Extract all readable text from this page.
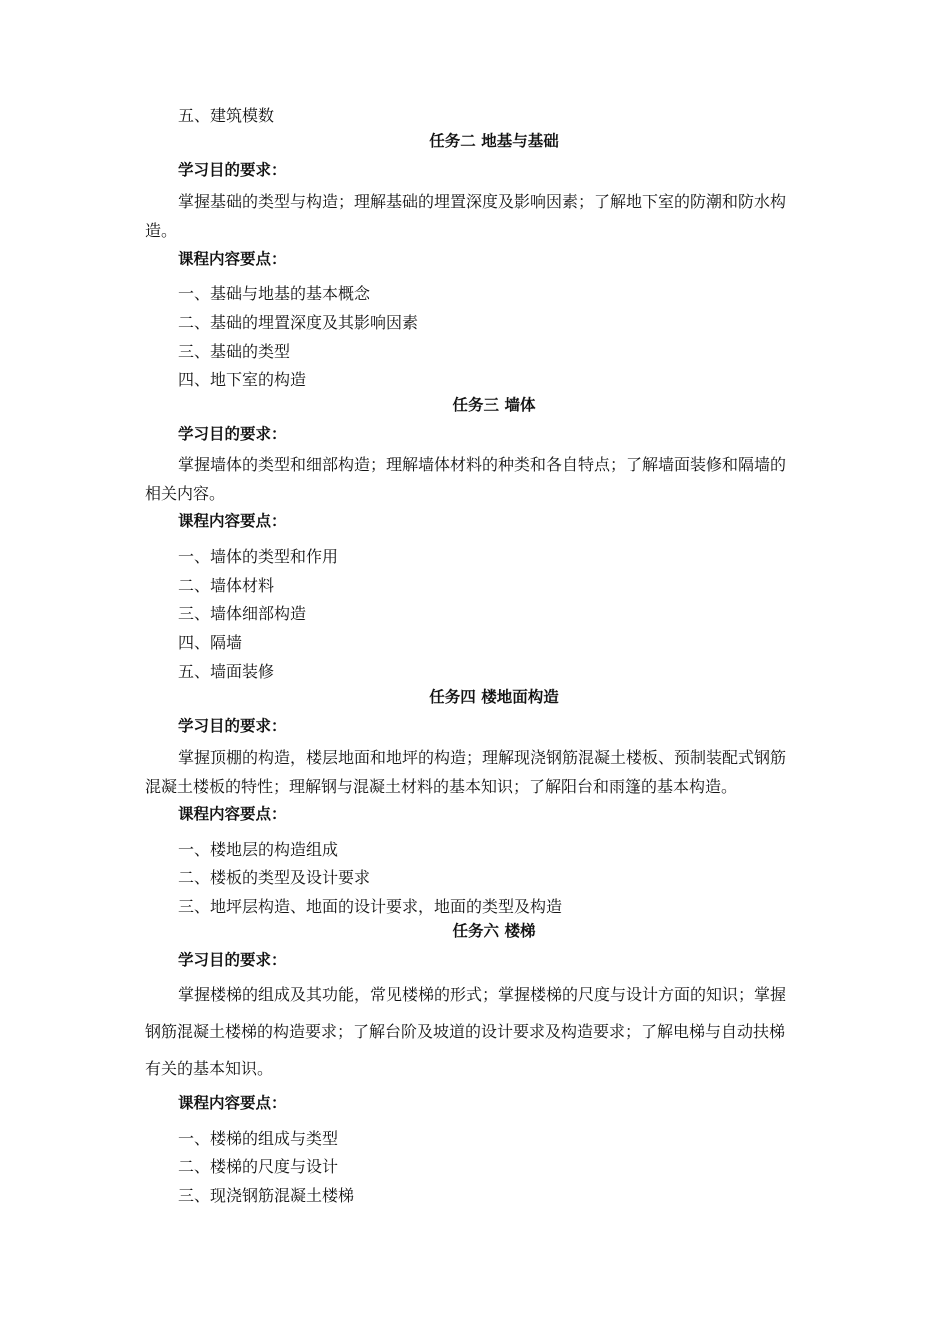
五、建筑模数
任务二 地基与基础
学习目的要求：
掌握基础的类型与构造；理解基础的埋置深度及影响因素；了解地下室的防潮和防水构
造。
课程内容要点：
一、基础与地基的基本概念
二、基础的埋置深度及其影响因素
三、基础的类型
四、地下室的构造
任务三 墙体
学习目的要求：
掌握墙体的类型和细部构造；理解墙体材料的种类和各自特点；了解墙面装修和隔墙的
相关内容。
课程内容要点：
一、墙体的类型和作用
二、墙体材料
三、墙体细部构造
四、隔墙
五、墙面装修
任务四 楼地面构造
学习目的要求：
掌握顶棚的构造，楼层地面和地坪的构造；理解现浇钢筋混凝土楼板、预制装配式钢筋
混凝土楼板的特性；理解钢与混凝土材料的基本知识；了解阳台和雨篷的基本构造。
课程内容要点：
一、楼地层的构造组成
二、楼板的类型及设计要求
三、地坪层构造、地面的设计要求，地面的类型及构造
任务六 楼梯
学习目的要求：
掌握楼梯的组成及其功能，常见楼梯的形式；掌握楼梯的尺度与设计方面的知识；掌握
钢筋混凝土楼梯的构造要求；了解台阶及坡道的设计要求及构造要求；了解电梯与自动扶梯
有关的基本知识。
课程内容要点：
一、楼梯的组成与类型
二、楼梯的尺度与设计
三、现浇钢筋混凝土楼梯
